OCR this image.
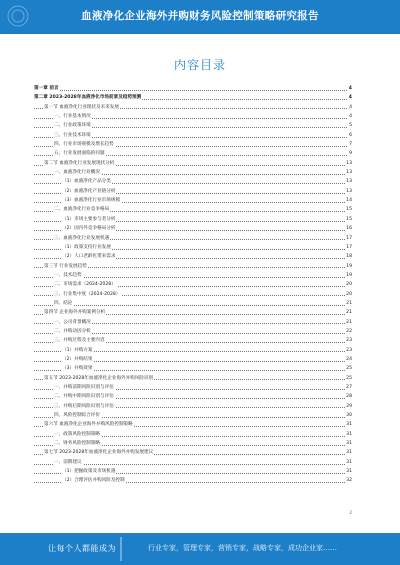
血液净化企业海外并购财务风险控制策略研究报告
内容目录
第一章 前言	4
第二章 2023-2028年血液净化市场前景及趋势预测	4
第一节 血液净化行业现状及未来发展	4
一、行业基本情况	4
二、行业政策环境	5
三、行业技术环境	6
四、行业市场规模及增长趋势	7
五、行业发展面临的问题	9
第二节 血液净化行业发展现状分析	13
一、血液净化行业概况	13
（1）血液净化产品分类	13
（2）血液净化产业链分析	13
（3）血液净化行业市场规模	14
二、血液净化行业竞争格局	15
（1）市场主要参与者分析	15
（2）国内外竞争格局分析	16
三、血液净化行业发展机遇	17
（1）政策支持行业发展	17
（2）人口老龄化带来需求	18
第三节 行业发展趋势	19
一、技术趋势	19
二、市场需求（2024-2028）	20
三、行业集中度（2024-2028）	20
四、结论	21
第四节 企业海外并购案例分析	21
一、公司背景概况	21
二、并购动因分析	22
三、并购过程及主要内容	23
（1）并购方案	23
（2）并购结果	24
（3）并购效果	25
第五节 2023-2028年血液净化企业海外并购风险识别	25
一、并购前期风险识别与评估	27
二、并购中期风险识别与评估	28
三、并购后期风险识别与评估	29
四、风险控制综合评价	30
第六节 血液净化企业海外并购风险控制策略	31
一、政策风险控制策略	31
二、财务风险控制策略	31
第七节 2023-2028年血液净化企业海外并购发展建议	31
一、前期建议	31
（1）把握政策及市场机遇	31
（2）合理评估并购风险及控制	32
2
让每个人都能成为	行业专家，管理专家，营销专家，战略专家，成功企业家……
